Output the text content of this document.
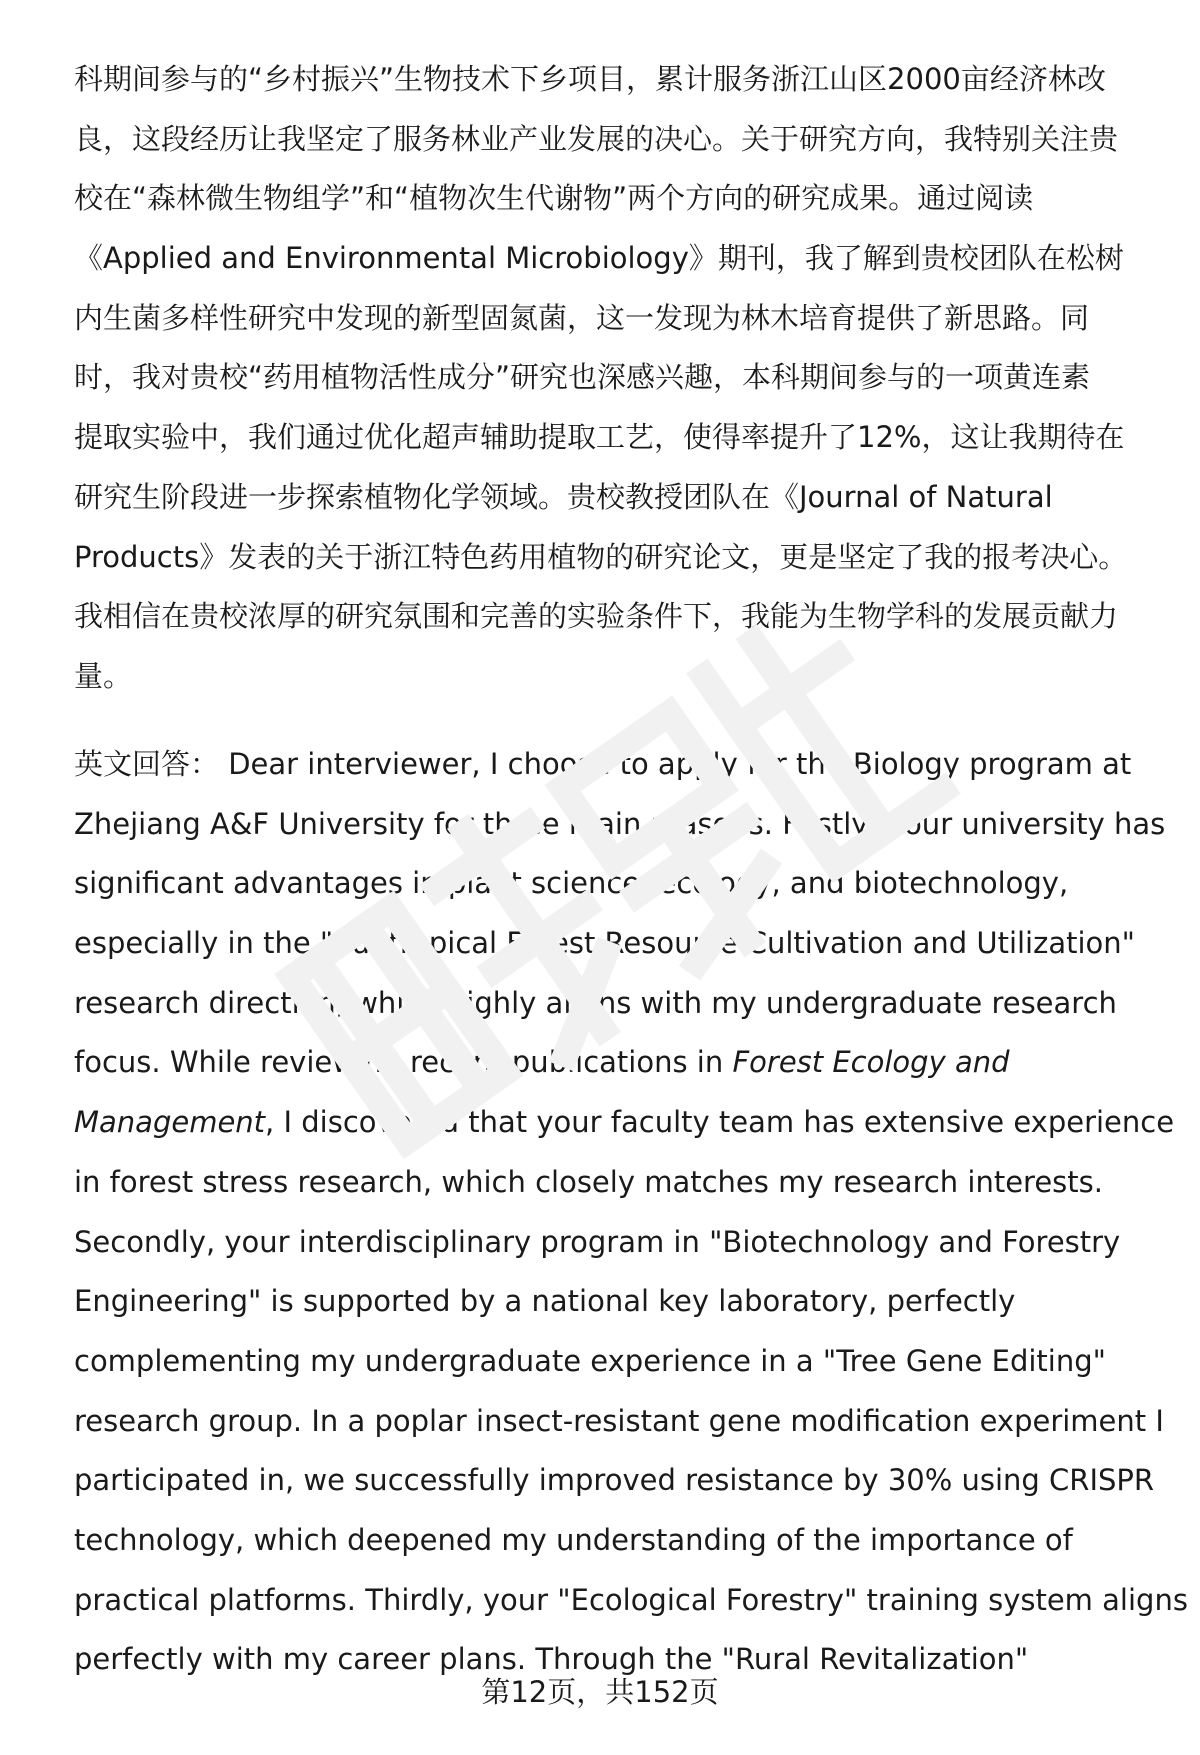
科期间参与的“乡村振兴”生物技术下乡项目，累计服务浙江山区2000亩经济林改
良，这段经历让我坚定了服务林业产业发展的决心。关于研究方向，我特别关注贵
校在“森林微生物组学”和“植物次生代谢物”两个方向的研究成果。通过阅读
《Applied and Environmental Microbiology》期刊，我了解到贵校团队在松树
内生菌多样性研究中发现的新型固氮菌，这一发现为林木培育提供了新思路。同
时，我对贵校“药用植物活性成分”研究也深感兴趣，本科期间参与的一项黄连素
提取实验中，我们通过优化超声辅助提取工艺，使得率提升了12%，这让我期待在
研究生阶段进一步探索植物化学领域。贵校教授团队在《Journal of Natural
Products》发表的关于浙江特色药用植物的研究论文，更是坚定了我的报考决心。
我相信在贵校浓厚的研究氛围和完善的实验条件下，我能为生物学科的发展贡献力
量。
英文回答： Dear interviewer, I choose to apply for the Biology program at
Zhejiang A&F University for three main reasons. Firstly, your university has
significant advantages in plant science, ecology, and biotechnology,
especially in the "Subtropical Forest Resource Cultivation and Utilization"
research direction, which highly aligns with my undergraduate research
focus. While reviewing recent publications in Forest Ecology and
Management, I discovered that your faculty team has extensive experience
in forest stress research, which closely matches my research interests.
Secondly, your interdisciplinary program in "Biotechnology and Forestry
Engineering" is supported by a national key laboratory, perfectly
complementing my undergraduate experience in a "Tree Gene Editing"
research group. In a poplar insect-resistant gene modification experiment I
participated in, we successfully improved resistance by 30% using CRISPR
technology, which deepened my understanding of the importance of
practical platforms. Thirdly, your "Ecological Forestry" training system aligns
perfectly with my career plans. Through the "Rural Revitalization"
第12页，共152页
